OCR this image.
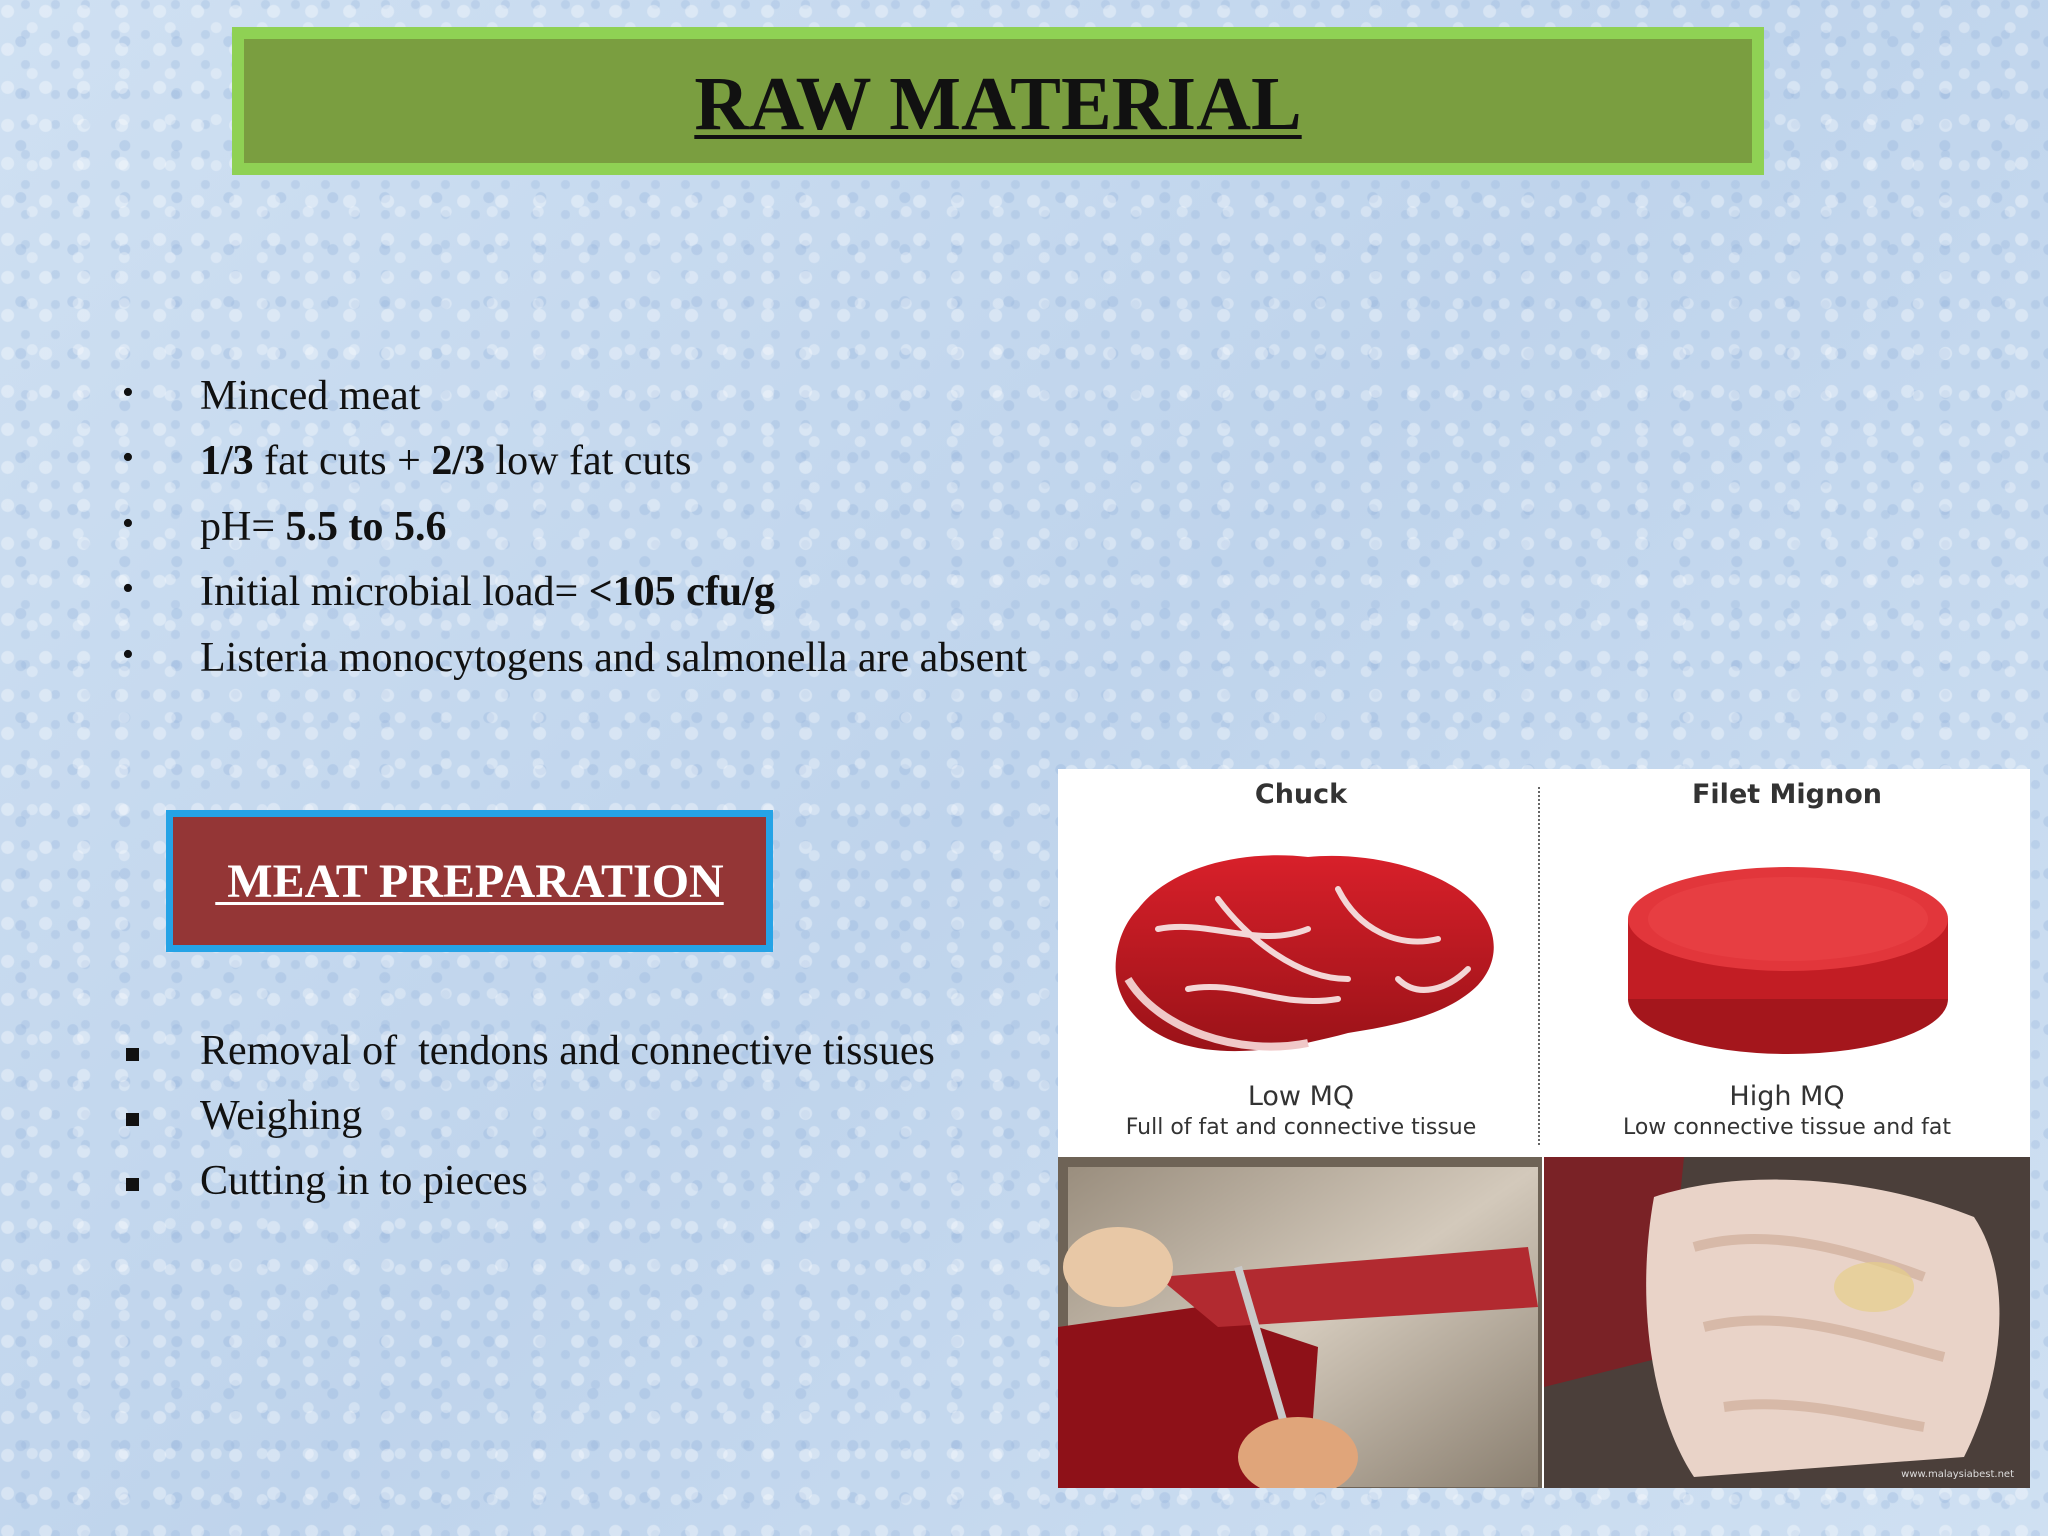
RAW MATERIAL
• Minced meat
• 1/3 fat cuts + 2/3 low fat cuts
• pH= 5.5 to 5.6
• Initial microbial load= <105 cfu/g
• Listeria monocytogens and salmonella are absent
MEAT PREPARATION
Removal of  tendons and connective tissues
Weighing
Cutting in to pieces
Chuck	Filet Mignon
Low MQ
Full of fat and connective tissue
High MQ
Low connective tissue and fat
www.malaysiabest.net
